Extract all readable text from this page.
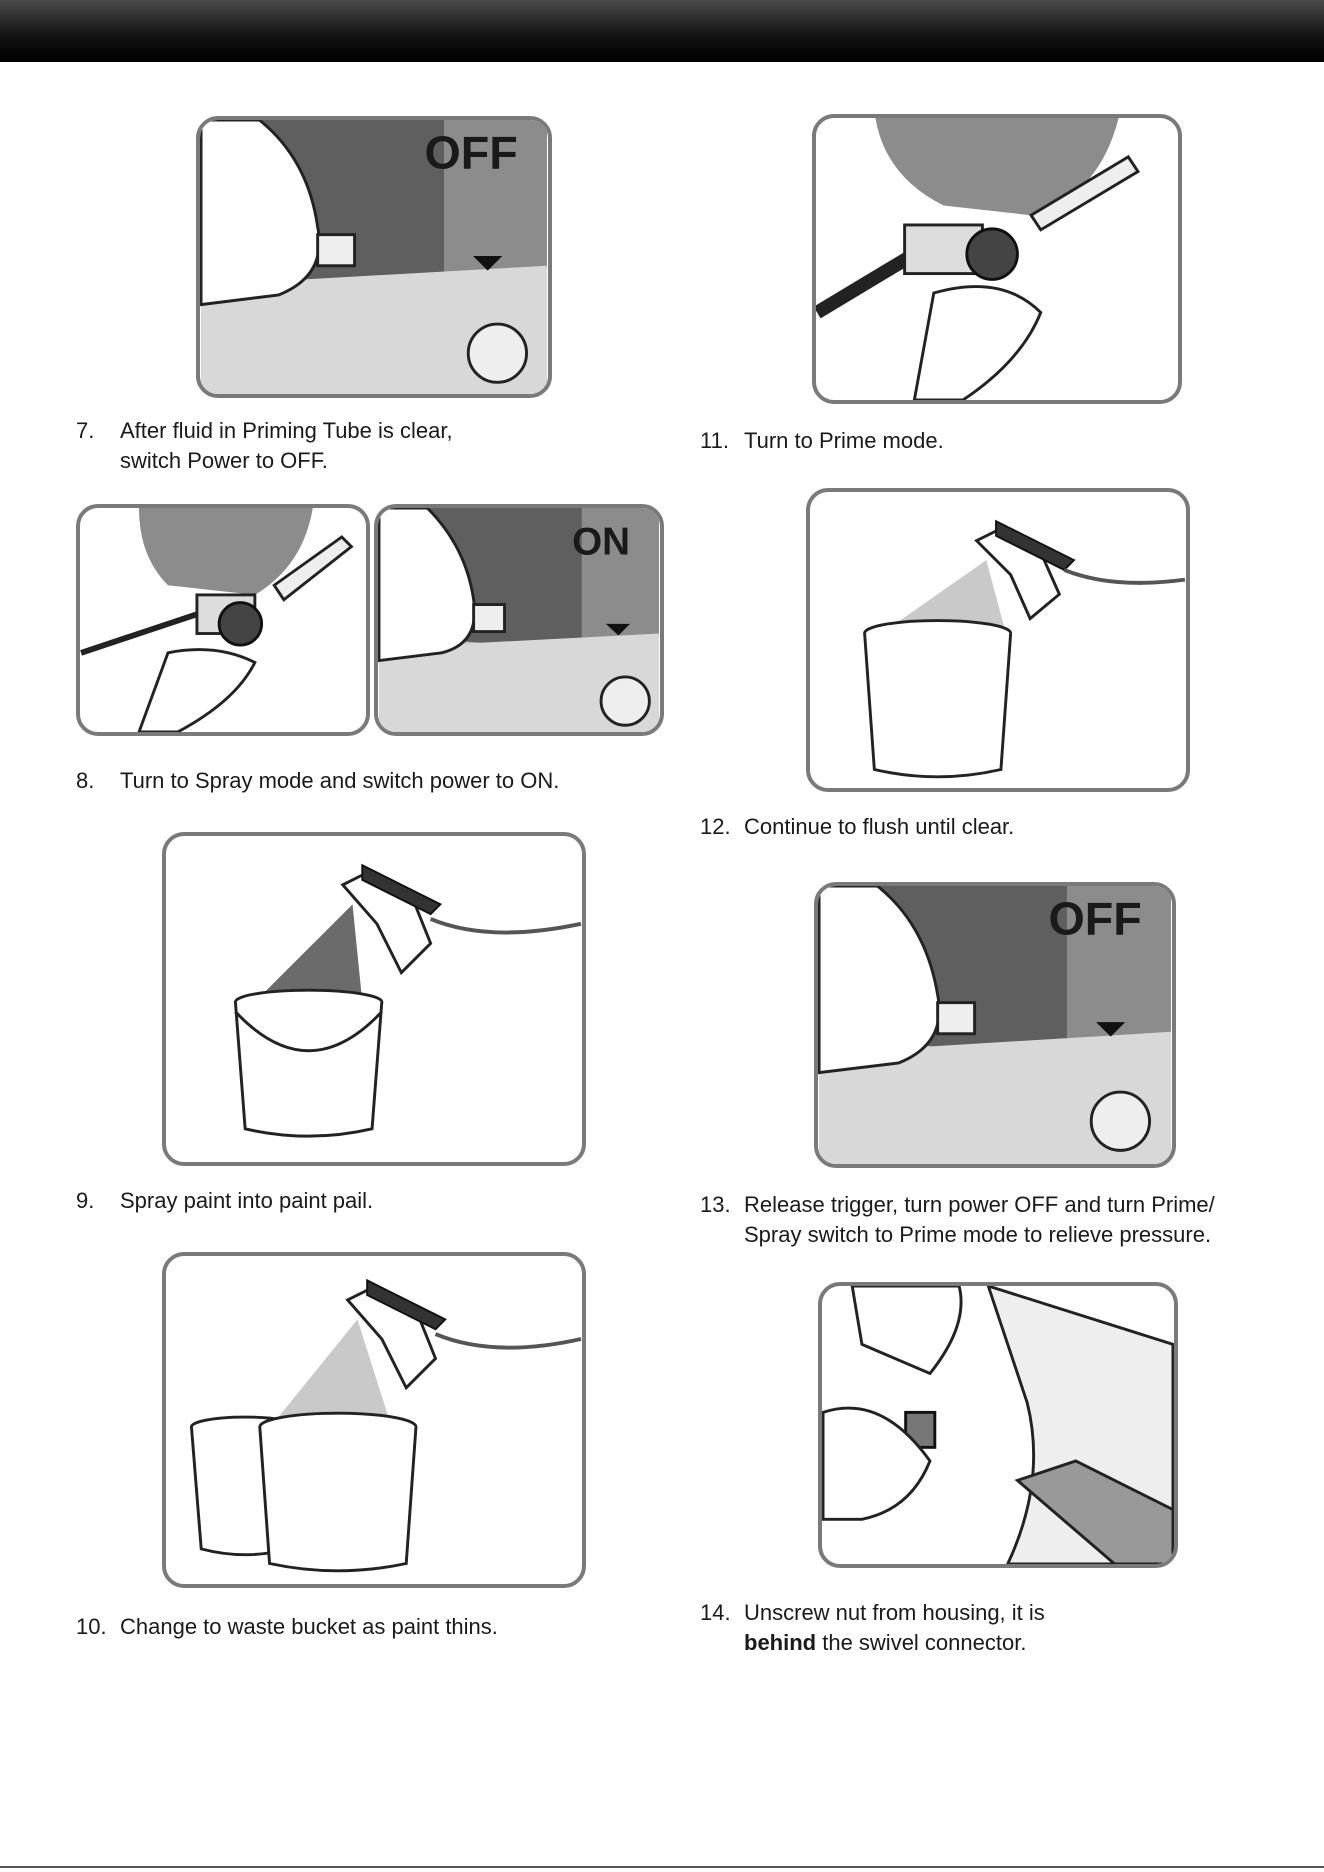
OFF
7. After fluid in Priming Tube is clear,
switch Power to OFF.
ON
8. Turn to Spray mode and switch power to ON.
9. Spray paint into paint pail.
10. Change to waste bucket as paint thins.
11. Turn to Prime mode.
12. Continue to flush until clear.
OFF
13. Release trigger, turn power OFF and turn Prime/
Spray switch to Prime mode to relieve pressure.
14. Unscrew nut from housing, it is
behind the swivel connector.
